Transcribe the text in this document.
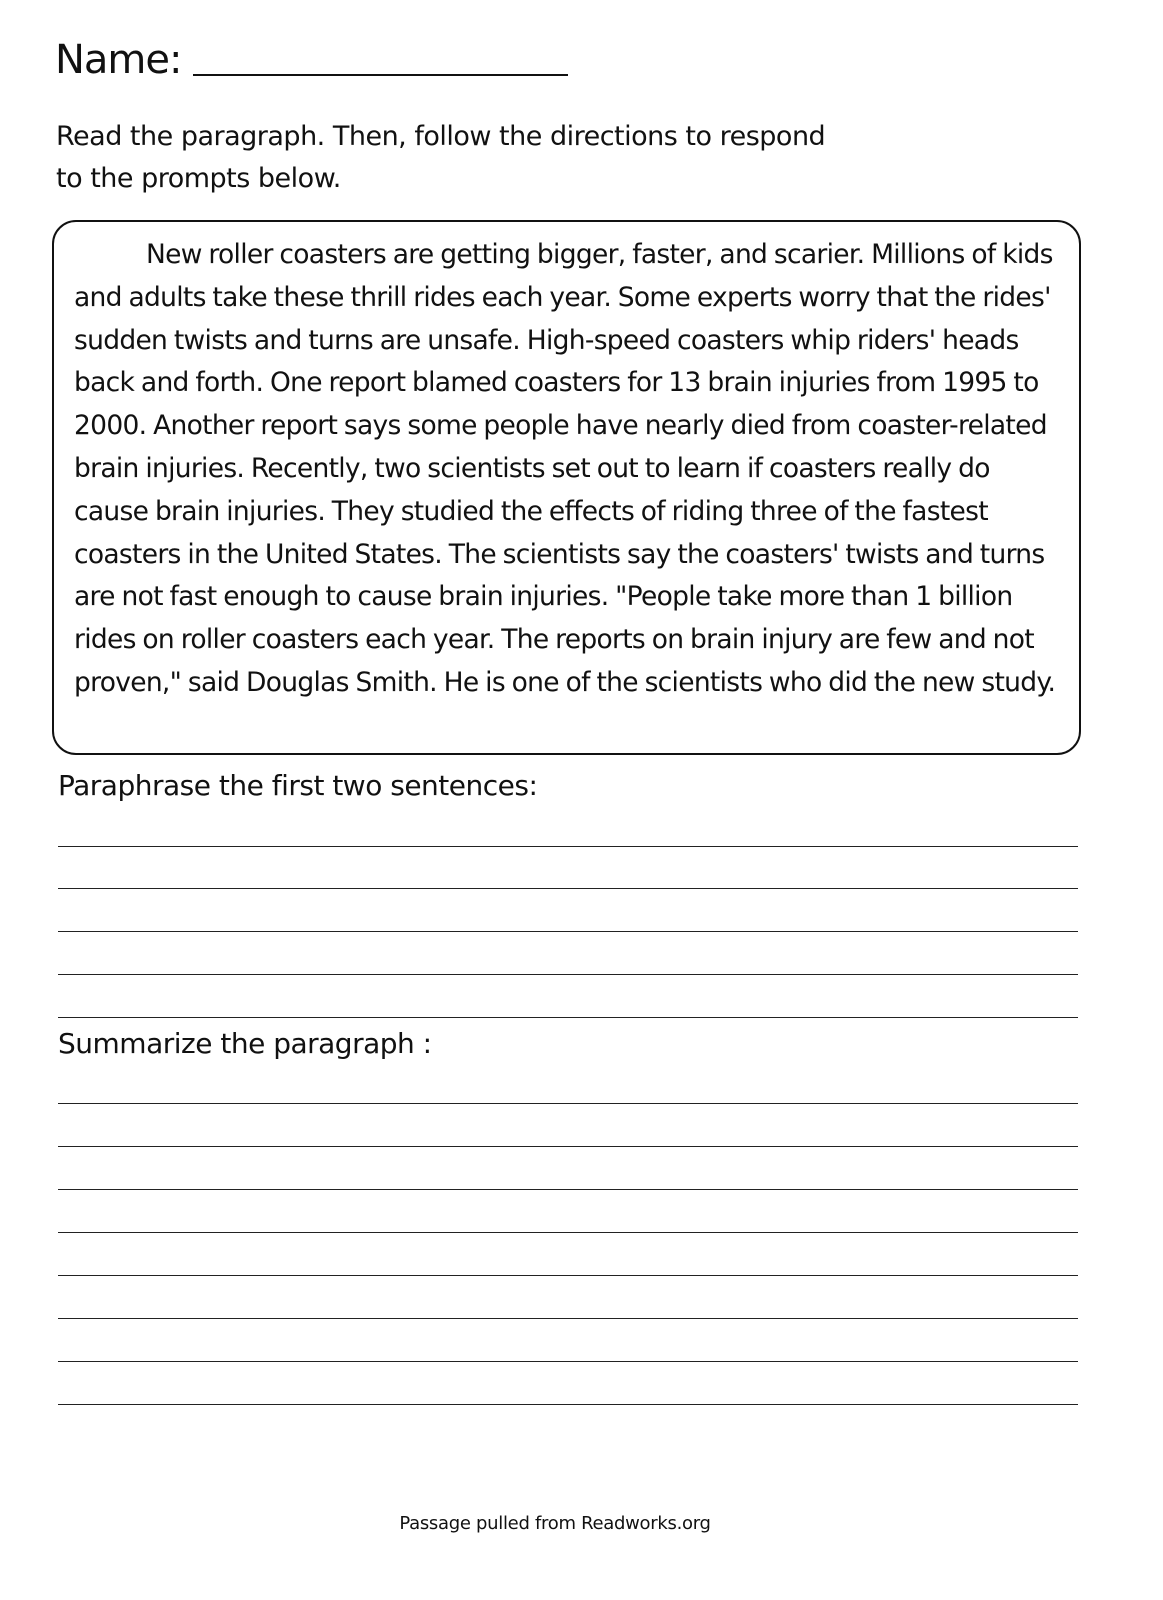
Name:
Read the paragraph. Then, follow the directions to respond
to the prompts below.

New roller coasters are getting bigger, faster, and scarier. Millions of kids and adults take these thrill rides each year. Some experts worry that the rides' sudden twists and turns are unsafe. High-speed coasters whip riders' heads back and forth. One report blamed coasters for 13 brain injuries from 1995 to 2000. Another report says some people have nearly died from coaster-related brain injuries. Recently, two scientists set out to learn if coasters really do cause brain injuries. They studied the effects of riding three of the fastest coasters in the United States. The scientists say the coasters' twists and turns are not fast enough to cause brain injuries. "People take more than 1 billion rides on roller coasters each year. The reports on brain injury are few and not proven," said Douglas Smith. He is one of the scientists who did the new study.

Paraphrase the first two sentences:
Summarize the paragraph :
Passage pulled from Readworks.org
